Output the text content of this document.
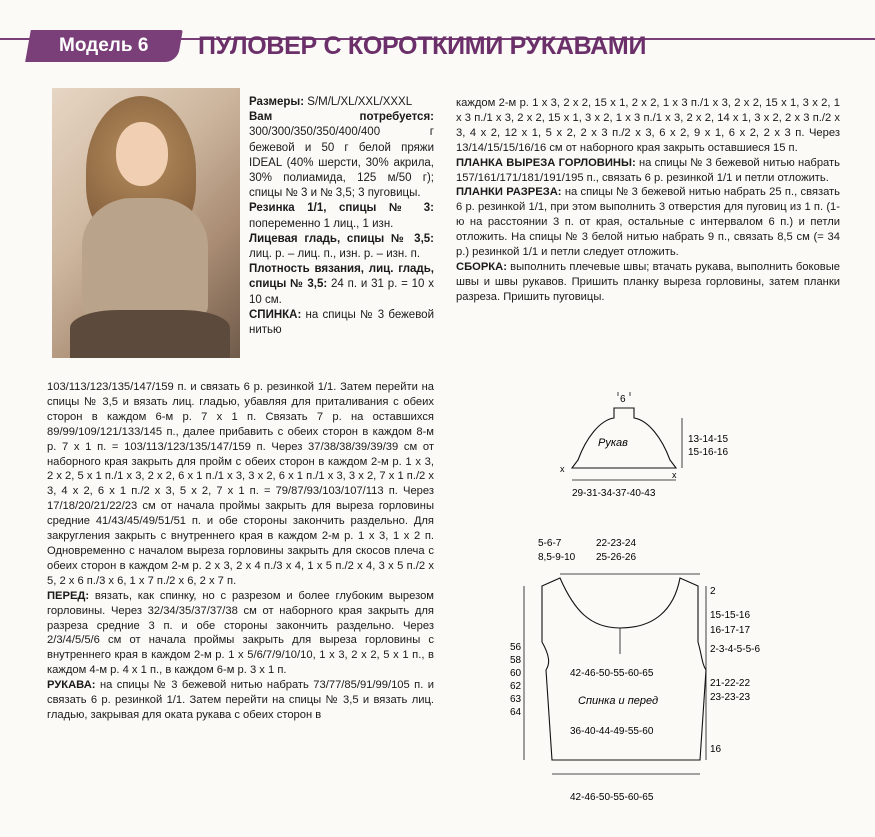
Модель 6	ПУЛОВЕР С КОРОТКИМИ РУКАВАМИ

Размеры: S/M/L/XL/XXL/XXXL

Вам потребуется: 300/300/350/350/400/400 г бежевой и 50 г белой пряжи IDEAL (40% шерсти, 30% акрила, 30% полиамида, 125 м/50 г); спицы № 3 и № 3,5; 3 пуговицы.

Резинка 1/1, спицы № 3: попеременно 1 лиц., 1 изн.

Лицевая гладь, спицы № 3,5: лиц. р. – лиц. п., изн. р. – изн. п.

Плотность вязания, лиц. гладь, спицы № 3,5: 24 п. и 31 р. = 10 х 10 см.

СПИНКА: на спицы № 3 бежевой нитью

103/113/123/135/147/159 п. и связать 6 р. резинкой 1/1. Затем перейти на спицы № 3,5 и вязать лиц. гладью, убавляя для приталивания с обеих сторон в каждом 6-м р. 7 х 1 п. Связать 7 р. на оставшихся 89/99/109/121/133/145 п., далее прибавить с обеих сторон в каждом 8-м р. 7 х 1 п. = 103/113/123/135/147/159 п. Через 37/38/38/39/39/39 см от наборного края закрыть для пройм с обеих сторон в каждом 2-м р. 1 х 3, 2 х 2, 5 х 1 п./1 х 3, 2 х 2, 6 х 1 п./1 х 3, 3 х 2, 6 х 1 п./1 х 3, 3 х 2, 7 х 1 п./2 х 3, 4 х 2, 6 х 1 п./2 х 3, 5 х 2, 7 х 1 п. = 79/87/93/103/107/113 п. Через 17/18/20/21/22/23 см от начала проймы закрыть для выреза горловины средние 41/43/45/49/51/51 п. и обе стороны закончить раздельно. Для закругления закрыть с внутреннего края в каждом 2-м р. 1 х 3, 1 х 2 п. Одновременно с началом выреза горловины закрыть для скосов плеча с обеих сторон в каждом 2-м р. 2 х 3, 2 х 4 п./3 х 4, 1 х 5 п./2 х 4, 3 х 5 п./2 х 5, 2 х 6 п./3 х 6, 1 х 7 п./2 х 6, 2 х 7 п.

ПЕРЕД: вязать, как спинку, но с разрезом и более глубоким вырезом горловины. Через 32/34/35/37/37/38 см от наборного края закрыть для разреза средние 3 п. и обе стороны закончить раздельно. Через 2/3/4/5/5/6 см от начала проймы закрыть для выреза горловины с внутреннего края в каждом 2-м р. 1 х 5/6/7/9/10/10, 1 х 3, 2 х 2, 5 х 1 п., в каждом 4-м р. 4 х 1 п., в каждом 6-м р. 3 х 1 п.

РУКАВА: на спицы № 3 бежевой нитью набрать 73/77/85/91/99/105 п. и связать 6 р. резинкой 1/1. Затем перейти на спицы № 3,5 и вязать лиц. гладью, закрывая для оката рукава с обеих сторон в

каждом 2-м р. 1 х 3, 2 х 2, 15 х 1, 2 х 2, 1 х 3 п./1 х 3, 2 х 2, 15 х 1, 3 х 2, 1 х 3 п./1 х 3, 2 х 2, 15 х 1, 3 х 2, 1 х 3 п./1 х 3, 2 х 2, 14 х 1, 3 х 2, 2 х 3 п./2 х 3, 4 х 2, 12 х 1, 5 х 2, 2 х 3 п./2 х 3, 6 х 2, 9 х 1, 6 х 2, 2 х 3 п. Через 13/14/15/15/16/16 см от наборного края закрыть оставшиеся 15 п.

ПЛАНКА ВЫРЕЗА ГОРЛОВИНЫ: на спицы № 3 бежевой нитью набрать 157/161/171/181/191/195 п., связать 6 р. резинкой 1/1 и петли отложить.

ПЛАНКИ РАЗРЕЗА: на спицы № 3 бежевой нитью набрать 25 п., связать 6 р. резинкой 1/1, при этом выполнить 3 отверстия для пуговиц из 1 п. (1-ю на расстоянии 3 п. от края, остальные с интервалом 6 п.) и петли отложить. На спицы № 3 белой нитью набрать 9 п., связать 8,5 см (= 34 р.) резинкой 1/1 и петли следует отложить.

СБОРКА: выполнить плечевые швы; втачать рукава, выполнить боковые швы и швы рукавов. Пришить планку выреза горловины, затем планки разреза. Пришить пуговицы.

6
Рукав
x
x
13-14-15
15-16-16
29-31-34-37-40-43
5-6-7	22-23-24
8,5-9-10 25-26-26
56
58
60
62
63
64
42-46-50-55-60-65
Спинка и перед
36-40-44-49-55-60
2
15-15-16
16-17-17
2-3-4-5-5-6
21-22-22
23-23-23
16
42-46-50-55-60-65
